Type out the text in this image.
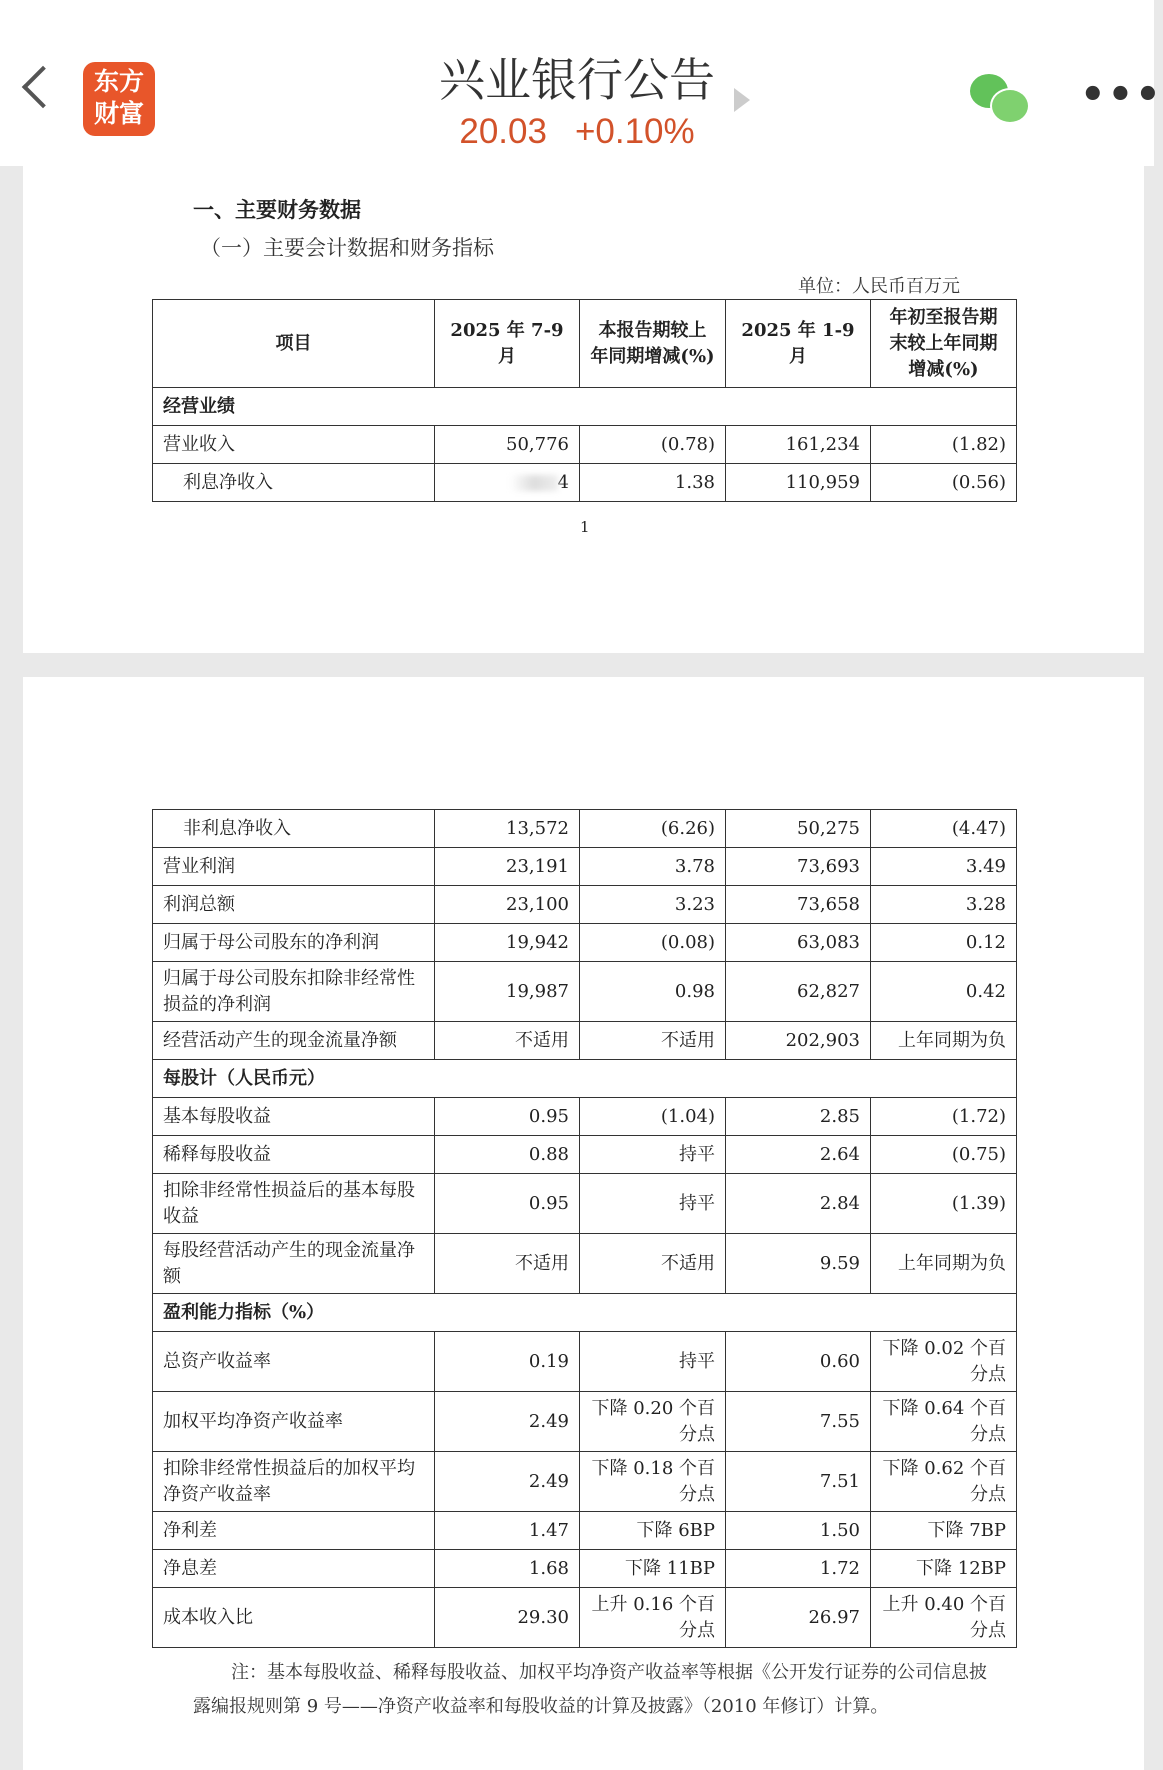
东方
财富
兴业银行公告
20.03 +0.10%
•••
一、主要财务数据
（一）主要会计数据和财务指标
单位：人民币百万元
项目	2025 年 7-9 月	本报告期较上年同期增减(%)	2025 年 1-9 月	年初至报告期末较上年同期增减(%)
经营业绩				
营业收入	50,776	(0.78)	161,234	(1.82)
利息净收入	4	1.38	110,959	(0.56)
1
非利息净收入	13,572	(6.26)	50,275	(4.47)
营业利润	23,191	3.78	73,693	3.49
利润总额	23,100	3.23	73,658	3.28
归属于母公司股东的净利润	19,942	(0.08)	63,083	0.12
归属于母公司股东扣除非经常性损益的净利润	19,987	0.98	62,827	0.42
经营活动产生的现金流量净额	不适用	不适用	202,903	上年同期为负
每股计（人民币元）				
基本每股收益	0.95	(1.04)	2.85	(1.72)
稀释每股收益	0.88	持平	2.64	(0.75)
扣除非经常性损益后的基本每股收益	0.95	持平	2.84	(1.39)
每股经营活动产生的现金流量净额	不适用	不适用	9.59	上年同期为负
盈利能力指标（%）				
总资产收益率	0.19	持平	0.60	下降 0.02 个百分点
加权平均净资产收益率	2.49	下降 0.20 个百分点	7.55	下降 0.64 个百分点
扣除非经常性损益后的加权平均净资产收益率	2.49	下降 0.18 个百分点	7.51	下降 0.62 个百分点
净利差	1.47	下降 6BP	1.50	下降 7BP
净息差	1.68	下降 11BP	1.72	下降 12BP
成本收入比	29.30	上升 0.16 个百分点	26.97	上升 0.40 个百分点
注：基本每股收益、稀释每股收益、加权平均净资产收益率等根据《公开发行证券的公司信息披露编报规则第 9 号——净资产收益率和每股收益的计算及披露》（2010 年修订）计算。
